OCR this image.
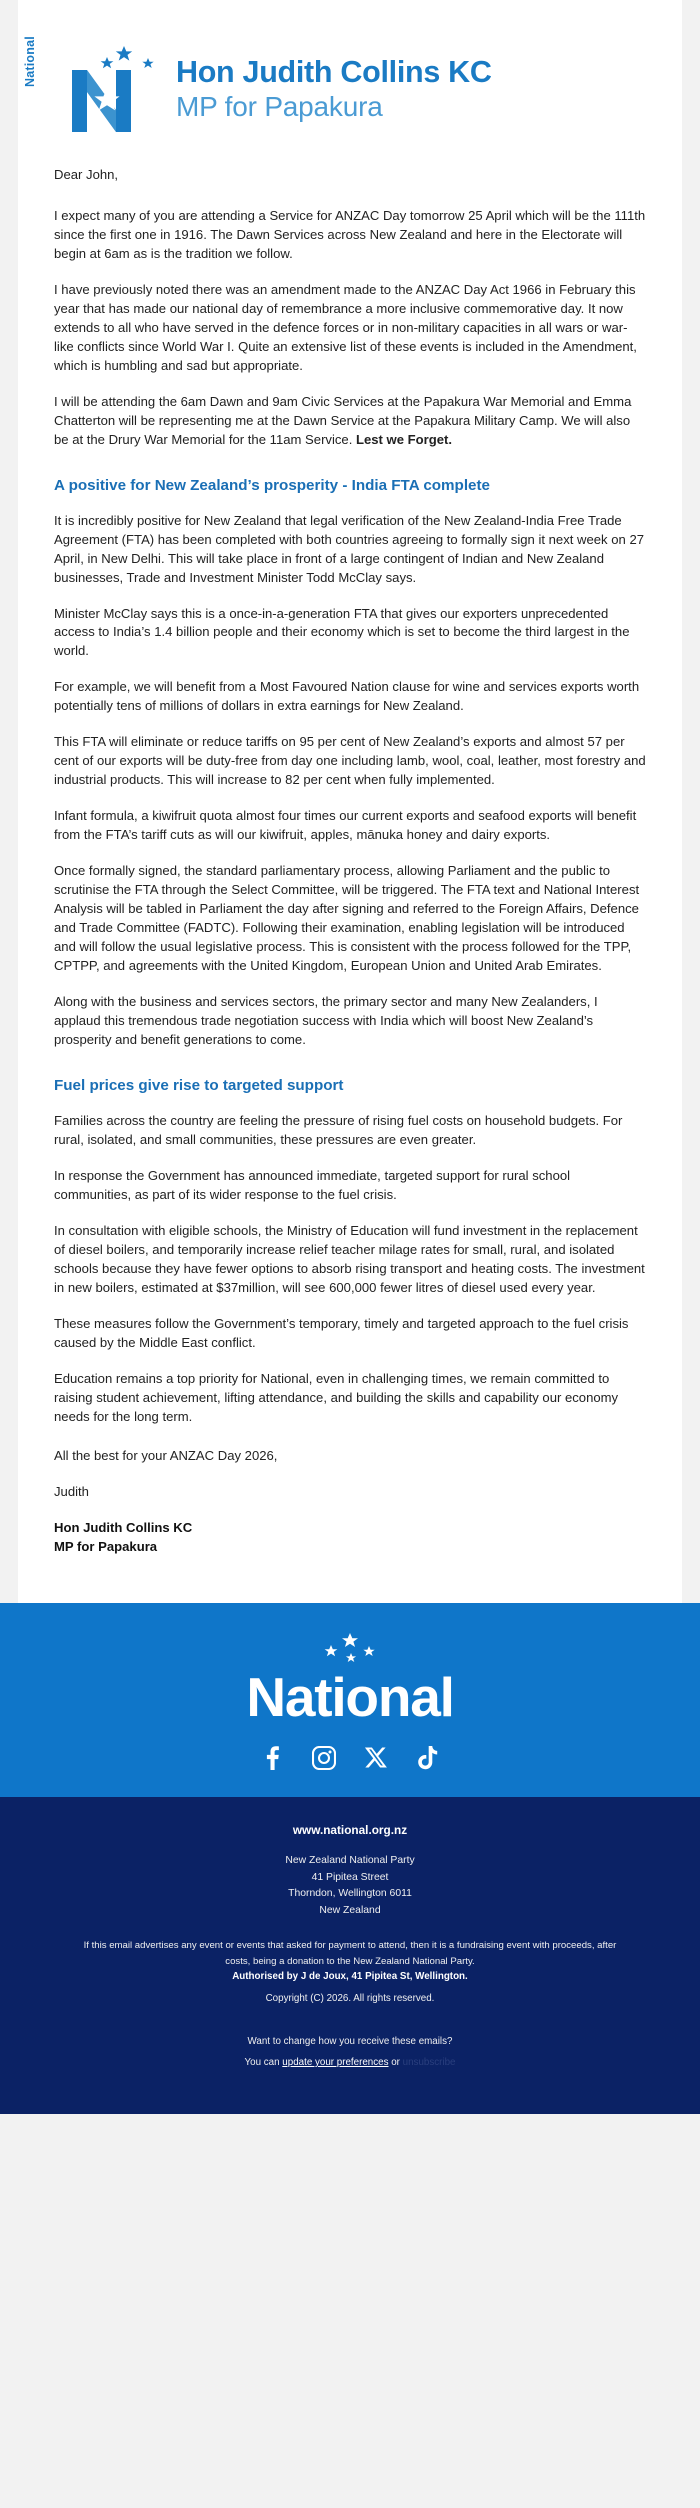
National	Hon Judith Collins KC
MP for Papakura

Dear John,

I expect many of you are attending a Service for ANZAC Day tomorrow 25 April which will be the 111th since the first one in 1916. The Dawn Services across New Zealand and here in the Electorate will begin at 6am as is the tradition we follow.

I have previously noted there was an amendment made to the ANZAC Day Act 1966 in February this year that has made our national day of remembrance a more inclusive commemorative day. It now extends to all who have served in the defence forces or in non-military capacities in all wars or war-like conflicts since World War I. Quite an extensive list of these events is included in the Amendment, which is humbling and sad but appropriate.

I will be attending the 6am Dawn and 9am Civic Services at the Papakura War Memorial and Emma Chatterton will be representing me at the Dawn Service at the Papakura Military Camp. We will also be at the Drury War Memorial for the 11am Service. Lest we Forget.

A positive for New Zealand’s prosperity - India FTA complete

It is incredibly positive for New Zealand that legal verification of the New Zealand-India Free Trade Agreement (FTA) has been completed with both countries agreeing to formally sign it next week on 27 April, in New Delhi. This will take place in front of a large contingent of Indian and New Zealand businesses, Trade and Investment Minister Todd McClay says.

Minister McClay says this is a once-in-a-generation FTA that gives our exporters unprecedented access to India’s 1.4 billion people and their economy which is set to become the third largest in the world.

For example, we will benefit from a Most Favoured Nation clause for wine and services exports worth potentially tens of millions of dollars in extra earnings for New Zealand.

This FTA will eliminate or reduce tariffs on 95 per cent of New Zealand’s exports and almost 57 per cent of our exports will be duty-free from day one including lamb, wool, coal, leather, most forestry and industrial products. This will increase to 82 per cent when fully implemented.

Infant formula, a kiwifruit quota almost four times our current exports and seafood exports will benefit from the FTA’s tariff cuts as will our kiwifruit, apples, mānuka honey and dairy exports.

Once formally signed, the standard parliamentary process, allowing Parliament and the public to scrutinise the FTA through the Select Committee, will be triggered. The FTA text and National Interest Analysis will be tabled in Parliament the day after signing and referred to the Foreign Affairs, Defence and Trade Committee (FADTC). Following their examination, enabling legislation will be introduced and will follow the usual legislative process. This is consistent with the process followed for the TPP, CPTPP, and agreements with the United Kingdom, European Union and United Arab Emirates.

Along with the business and services sectors, the primary sector and many New Zealanders, I applaud this tremendous trade negotiation success with India which will boost New Zealand’s prosperity and benefit generations to come.

Fuel prices give rise to targeted support

Families across the country are feeling the pressure of rising fuel costs on household budgets. For rural, isolated, and small communities, these pressures are even greater.

In response the Government has announced immediate, targeted support for rural school communities, as part of its wider response to the fuel crisis.

In consultation with eligible schools, the Ministry of Education will fund investment in the replacement of diesel boilers, and temporarily increase relief teacher milage rates for small, rural, and isolated schools because they have fewer options to absorb rising transport and heating costs. The investment in new boilers, estimated at $37million, will see 600,000 fewer litres of diesel used every year.

These measures follow the Government’s temporary, timely and targeted approach to the fuel crisis caused by the Middle East conflict.

Education remains a top priority for National, even in challenging times, we remain committed to raising student achievement, lifting attendance, and building the skills and capability our economy needs for the long term.

All the best for your ANZAC Day 2026,

Judith

Hon Judith Collins KC

MP for Papakura

National
www.national.org.nz
New Zealand National Party
41 Pipitea Street
Thorndon, Wellington 6011
New Zealand
If this email advertises any event or events that asked for payment to attend, then it is a fundraising event with proceeds, after costs, being a donation to the New Zealand National Party.
Authorised by J de Joux, 41 Pipitea St, Wellington.
Copyright (C) 2026. All rights reserved.
Want to change how you receive these emails?
You can update your preferences or unsubscribe
